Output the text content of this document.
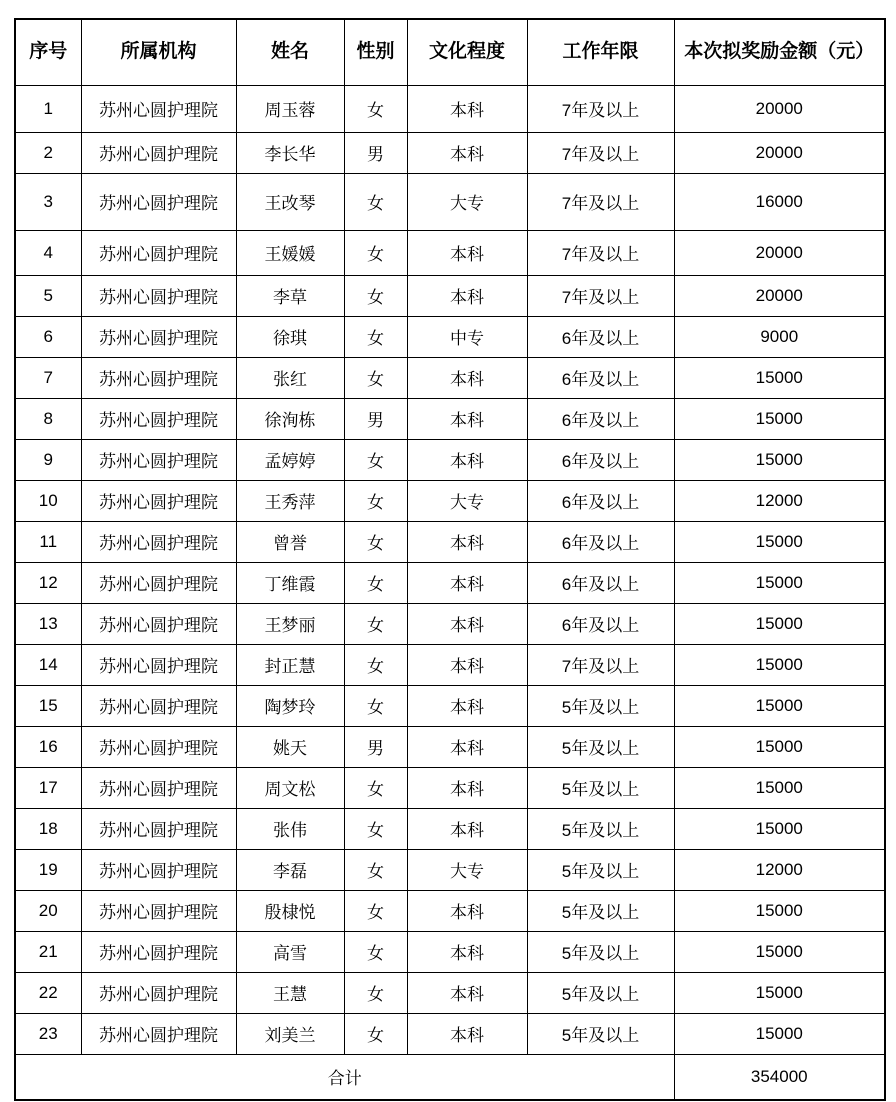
序号	所属机构	姓名	性别	文化程度	工作年限	本次拟奖励金额（元）
1	苏州心圆护理院	周玉蓉	女	本科	7年及以上	20000
2	苏州心圆护理院	李长华	男	本科	7年及以上	20000
3	苏州心圆护理院	王改琴	女	大专	7年及以上	16000
4	苏州心圆护理院	王媛媛	女	本科	7年及以上	20000
5	苏州心圆护理院	李草	女	本科	7年及以上	20000
6	苏州心圆护理院	徐琪	女	中专	6年及以上	9000
7	苏州心圆护理院	张红	女	本科	6年及以上	15000
8	苏州心圆护理院	徐洵栋	男	本科	6年及以上	15000
9	苏州心圆护理院	孟婷婷	女	本科	6年及以上	15000
10	苏州心圆护理院	王秀萍	女	大专	6年及以上	12000
11	苏州心圆护理院	曾誉	女	本科	6年及以上	15000
12	苏州心圆护理院	丁维霞	女	本科	6年及以上	15000
13	苏州心圆护理院	王梦丽	女	本科	6年及以上	15000
14	苏州心圆护理院	封正慧	女	本科	7年及以上	15000
15	苏州心圆护理院	陶梦玲	女	本科	5年及以上	15000
16	苏州心圆护理院	姚天	男	本科	5年及以上	15000
17	苏州心圆护理院	周文松	女	本科	5年及以上	15000
18	苏州心圆护理院	张伟	女	本科	5年及以上	15000
19	苏州心圆护理院	李磊	女	大专	5年及以上	12000
20	苏州心圆护理院	殷棣悦	女	本科	5年及以上	15000
21	苏州心圆护理院	高雪	女	本科	5年及以上	15000
22	苏州心圆护理院	王慧	女	本科	5年及以上	15000
23	苏州心圆护理院	刘美兰	女	本科	5年及以上	15000
合计						354000
